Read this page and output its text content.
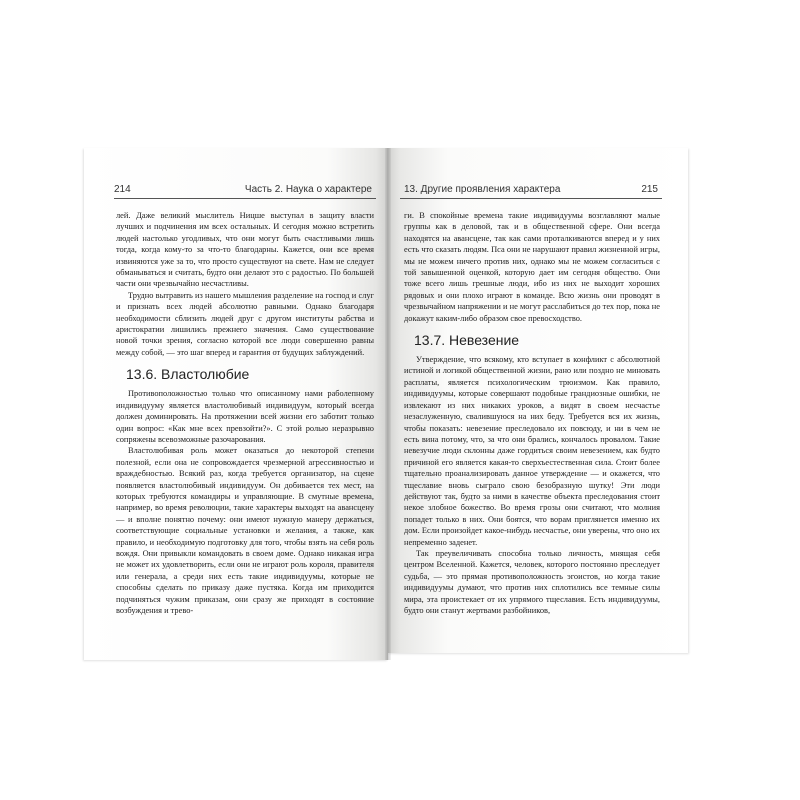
214	Часть 2. Наука о характере

лей. Даже великий мыслитель Ницше выступал в защиту власти лучших и подчинения им всех остальных. И сегодня можно встретить людей настолько угодливых, что они могут быть счастливыми лишь тогда, когда кому-то за что-то благодарны. Кажется, они все время извиняются уже за то, что просто существуют на свете. Нам не следует обманываться и считать, будто они делают это с радостью. По большей части они чрезвычайно несчастливы.

Трудно вытравить из нашего мышления разделение на господ и слуг и признать всех людей абсолютно равными. Однако благодаря необходимости сблизить людей друг с другом институты рабства и аристократии лишились прежнего значения. Само существование новой точки зрения, согласно которой все люди совершенно равны между собой, — это шаг вперед и гарантия от будущих заблуждений.

13.6. Властолюбие

Противоположностью только что описанному нами раболепному индивидууму является властолюбивый индивидуум, который всегда должен доминировать. На протяжении всей жизни его заботит только один вопрос: «Как мне всех превзойти?». С этой ролью неразрывно сопряжены всевозможные разочарования.

Властолюбивая роль может оказаться до некоторой степени полезной, если она не сопровождается чрезмерной агрессивностью и враждебностью. Всякий раз, когда требуется организатор, на сцене появляется властолюбивый индивидуум. Он добивается тех мест, на которых требуются командиры и управляющие. В смутные времена, например, во время революции, такие характеры выходят на авансцену — и вполне понятно почему: они имеют нужную манеру держаться, соответствующие социальные установки и желания, а также, как правило, и необходимую подготовку для того, чтобы взять на себя роль вождя. Они привыкли командовать в своем доме. Однако никакая игра не может их удовлетворить, если они не играют роль короля, правителя или генерала, а среди них есть такие индивидуумы, которые не способны сделать по приказу даже пустяка. Когда им приходится подчиняться чужим приказам, они сразу же приходят в состояние возбуждения и трево-

13. Другие проявления характера	215

ги. В спокойные времена такие индивидуумы возглавляют малые группы как в деловой, так и в общественной сфере. Они всегда находятся на авансцене, так как сами проталкиваются вперед и у них есть что сказать людям. Пса они не нарушают правил жизненной игры, мы не можем ничего против них, однако мы не можем согласиться с той завышенной оценкой, которую дает им сегодня общество. Они тоже всего лишь грешные люди, ибо из них не выходит хороших рядовых и они плохо играют в команде. Всю жизнь они проводят в чрезвычайном напряжении и не могут расслабиться до тех пор, пока не докажут каким-либо образом свое превосходство.

13.7. Невезение

Утверждение, что всякому, кто вступает в конфликт с абсолютной истиной и логикой общественной жизни, рано или поздно не миновать расплаты, является психологическим трюизмом. Как правило, индивидуумы, которые совершают подобные грандиозные ошибки, не извлекают из них никаких уроков, а видят в своем несчастье незаслуженную, свалившуюся на них беду. Требуется вся их жизнь, чтобы показать: невезение преследовало их повсюду, и ни в чем не есть вина потому, что, за что они брались, кончалось провалом. Такие невезучие люди склонны даже гордиться своим невезением, как будто причиной его является какая-то сверхъестественная сила. Стоит более тщательно проанализировать данное утверждение — и окажется, что тщеславие вновь сыграло свою безобразную шутку! Эти люди действуют так, будто за ними в качестве объекта преследования стоит некое злобное божество. Во время грозы они считают, что молния попадет только в них. Они боятся, что ворам приглянется именно их дом. Если произойдет какое-нибудь несчастье, они уверены, что оно их непременно заденет.

Так преувеличивать способна только личность, мнящая себя центром Вселенной. Кажется, человек, которого постоянно преследует судьба, — это прямая противоположность эгоистов, но когда такие индивидуумы думают, что против них сплотились все темные силы мира, эта проистекает от их упрямого тщеславия. Есть индивидуумы, будто они станут жертвами разбойников,
